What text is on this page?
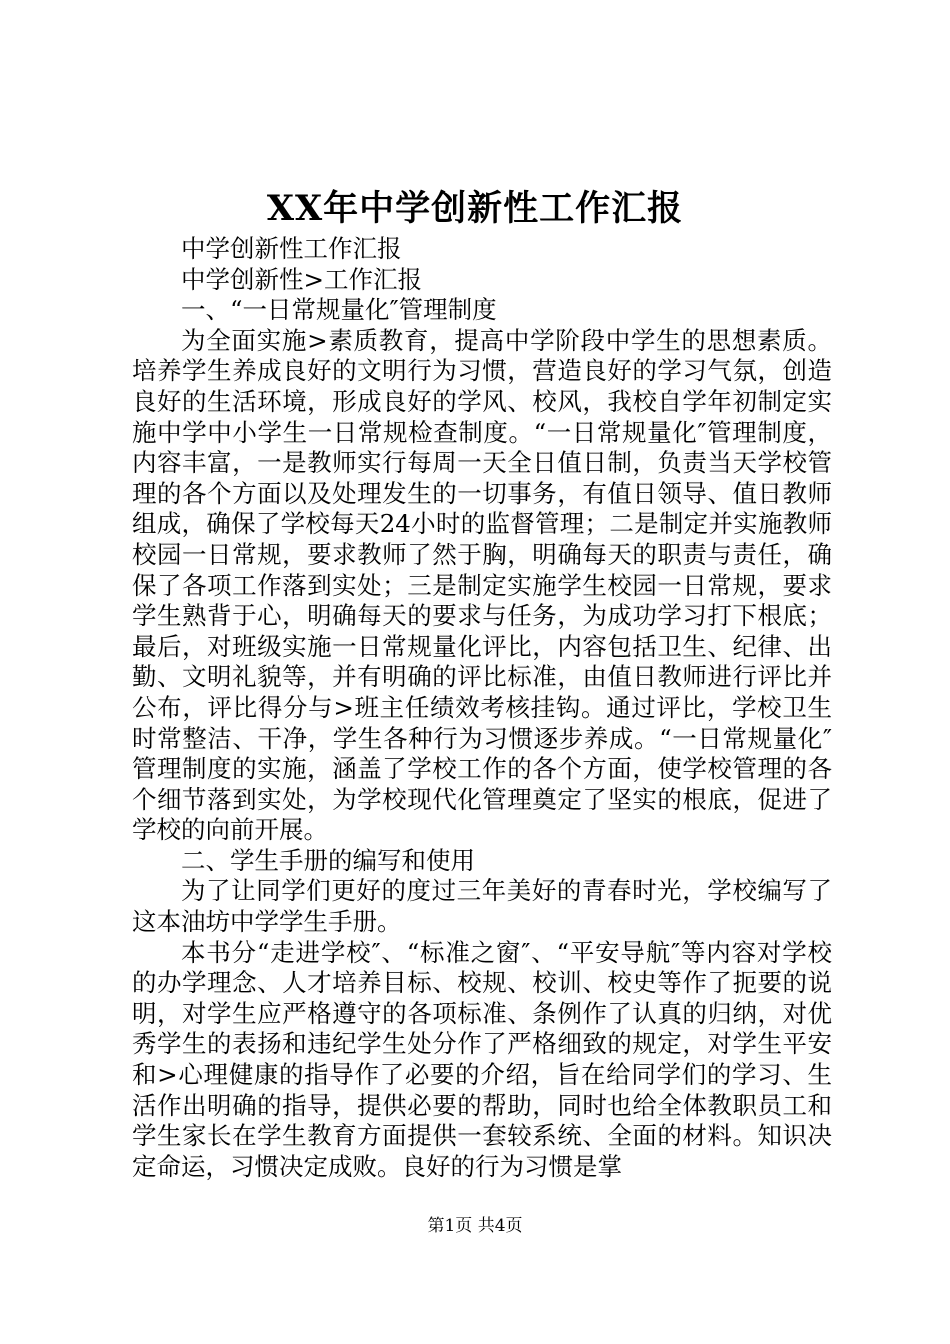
XX年中学创新性工作汇报

中学创新性工作汇报

中学创新性>工作汇报

一、“一日常规量化″管理制度

为全面实施>素质教育，提高中学阶段中学生的思想素质。培养学生养成良好的文明行为习惯，营造良好的学习气氛，创造良好的生活环境，形成良好的学风、校风，我校自学年初制定实施中学中小学生一日常规检查制度。“一日常规量化″管理制度，内容丰富，一是教师实行每周一天全日值日制，负责当天学校管理的各个方面以及处理发生的一切事务，有值日领导、值日教师组成，确保了学校每天24小时的监督管理；二是制定并实施教师校园一日常规，要求教师了然于胸，明确每天的职责与责任，确保了各项工作落到实处；三是制定实施学生校园一日常规，要求学生熟背于心，明确每天的要求与任务，为成功学习打下根底；最后，对班级实施一日常规量化评比，内容包括卫生、纪律、出勤、文明礼貌等，并有明确的评比标准，由值日教师进行评比并公布，评比得分与>班主任绩效考核挂钩。通过评比，学校卫生时常整洁、干净，学生各种行为习惯逐步养成。“一日常规量化″管理制度的实施，涵盖了学校工作的各个方面，使学校管理的各个细节落到实处，为学校现代化管理奠定了坚实的根底，促进了学校的向前开展。

二、学生手册的编写和使用

为了让同学们更好的度过三年美好的青春时光，学校编写了这本油坊中学学生手册。

本书分“走进学校″、“标准之窗″、“平安导航″等内容对学校的办学理念、人才培养目标、校规、校训、校史等作了扼要的说明，对学生应严格遵守的各项标准、条例作了认真的归纳，对优秀学生的表扬和违纪学生处分作了严格细致的规定，对学生平安和>心理健康的指导作了必要的介绍，旨在给同学们的学习、生活作出明确的指导，提供必要的帮助，同时也给全体教职员工和学生家长在学生教育方面提供一套较系统、全面的材料。知识决定命运，习惯决定成败。良好的行为习惯是掌

第1页 共4页
